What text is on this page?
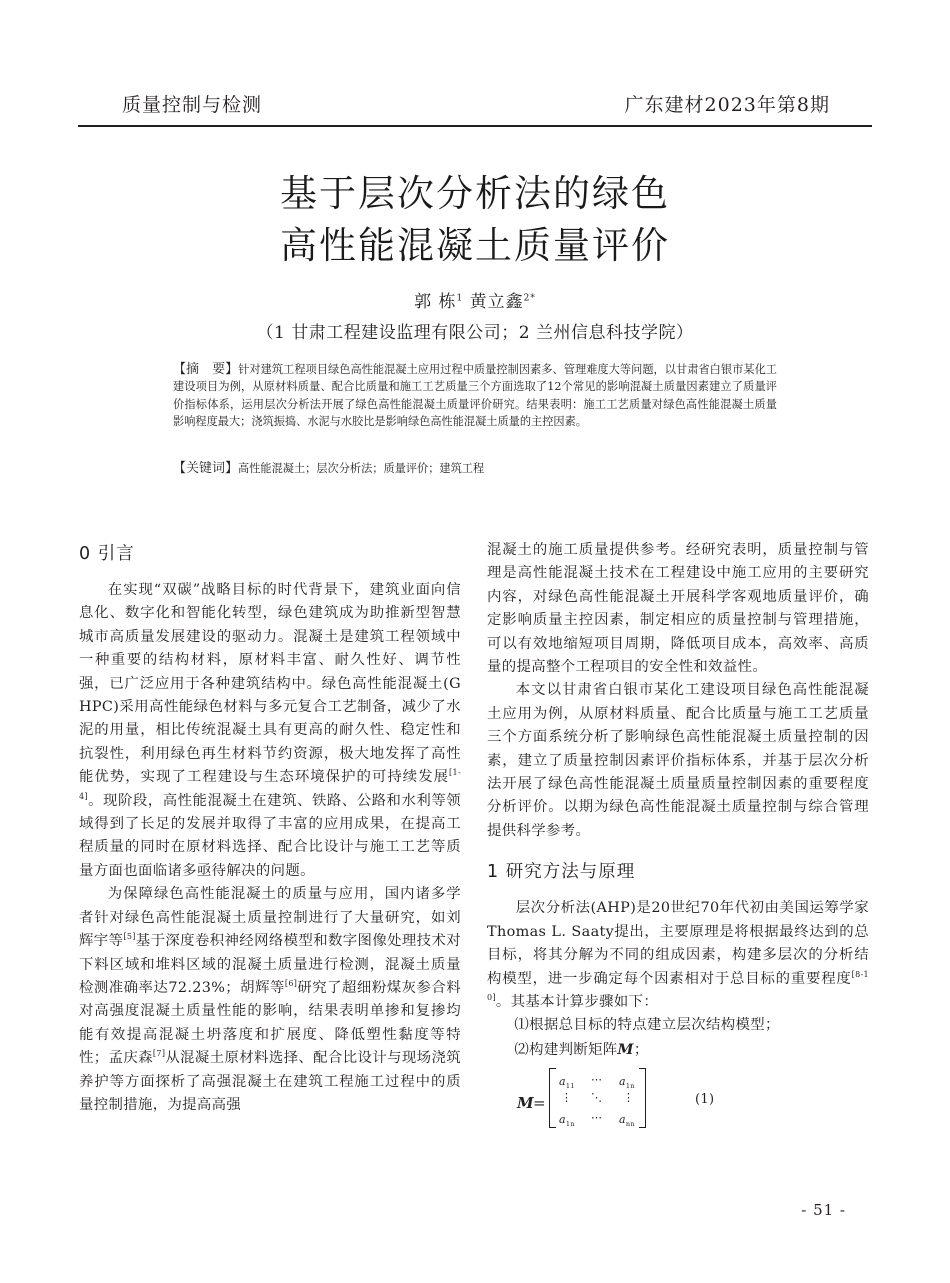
质量控制与检测	广东建材2023年第8期
基于层次分析法的绿色
高性能混凝土质量评价
郭 栋$^1$ 黄立鑫$^{2*}$
（1 甘肃工程建设监理有限公司；2 兰州信息科技学院）
【摘　要】针对建筑工程项目绿色高性能混凝土应用过程中质量控制因素多、管理难度大等问题，以甘肃省白银市某化工建设项目为例，从原材料质量、配合比质量和施工工艺质量三个方面选取了12个常见的影响混凝土质量因素建立了质量评价指标体系，运用层次分析法开展了绿色高性能混凝土质量评价研究。结果表明：施工工艺质量对绿色高性能混凝土质量影响程度最大；浇筑振捣、水泥与水胶比是影响绿色高性能混凝土质量的主控因素。
【关键词】高性能混凝土；层次分析法；质量评价；建筑工程
0 引言

在实现“双碳”战略目标的时代背景下，建筑业面向信息化、数字化和智能化转型，绿色建筑成为助推新型智慧城市高质量发展建设的驱动力。混凝土是建筑工程领域中一种重要的结构材料，原材料丰富、耐久性好、调节性强，已广泛应用于各种建筑结构中。绿色高性能混凝土(GHPC)采用高性能绿色材料与多元复合工艺制备，减少了水泥的用量，相比传统混凝土具有更高的耐久性、稳定性和抗裂性，利用绿色再生材料节约资源，极大地发挥了高性能优势，实现了工程建设与生态环境保护的可持续发展[1-4]。现阶段，高性能混凝土在建筑、铁路、公路和水利等领域得到了长足的发展并取得了丰富的应用成果，在提高工程质量的同时在原材料选择、配合比设计与施工工艺等质量方面也面临诸多亟待解决的问题。

为保障绿色高性能混凝土的质量与应用，国内诸多学者针对绿色高性能混凝土质量控制进行了大量研究，如刘辉宇等[5]基于深度卷积神经网络模型和数字图像处理技术对下料区域和堆料区域的混凝土质量进行检测，混凝土质量检测准确率达72.23%；胡辉等[6]研究了超细粉煤灰参合料对高强度混凝土质量性能的影响，结果表明单掺和复掺均能有效提高混凝土坍落度和扩展度、降低塑性黏度等特性；孟庆森[7]从混凝土原材料选择、配合比设计与现场浇筑养护等方面探析了高强混凝土在建筑工程施工过程中的质量控制措施，为提高高强

混凝土的施工质量提供参考。经研究表明，质量控制与管理是高性能混凝土技术在工程建设中施工应用的主要研究内容，对绿色高性能混凝土开展科学客观地质量评价，确定影响质量主控因素，制定相应的质量控制与管理措施，可以有效地缩短项目周期，降低项目成本，高效率、高质量的提高整个工程项目的安全性和效益性。

本文以甘肃省白银市某化工建设项目绿色高性能混凝土应用为例，从原材料质量、配合比质量与施工工艺质量三个方面系统分析了影响绿色高性能混凝土质量控制的因素，建立了质量控制因素评价指标体系，并基于层次分析法开展了绿色高性能混凝土质量质量控制因素的重要程度分析评价。以期为绿色高性能混凝土质量控制与综合管理提供科学参考。

1 研究方法与原理

层次分析法(AHP)是20世纪70年代初由美国运筹学家Thomas L. Saaty提出，主要原理是将根据最终达到的总目标，将其分解为不同的组成因素，构建多层次的分析结构模型，进一步确定每个因素相对于总目标的重要程度[8-10]。其基本计算步骤如下：

⑴根据总目标的特点建立层次结构模型；

⑵构建判断矩阵M；

M =
$a_{11}$
⋯ $a_{1n}$
⋮ ⋱ ⋮
$a_{1n}$
⋯ $a_{nn}$
(1)
- 51 -
